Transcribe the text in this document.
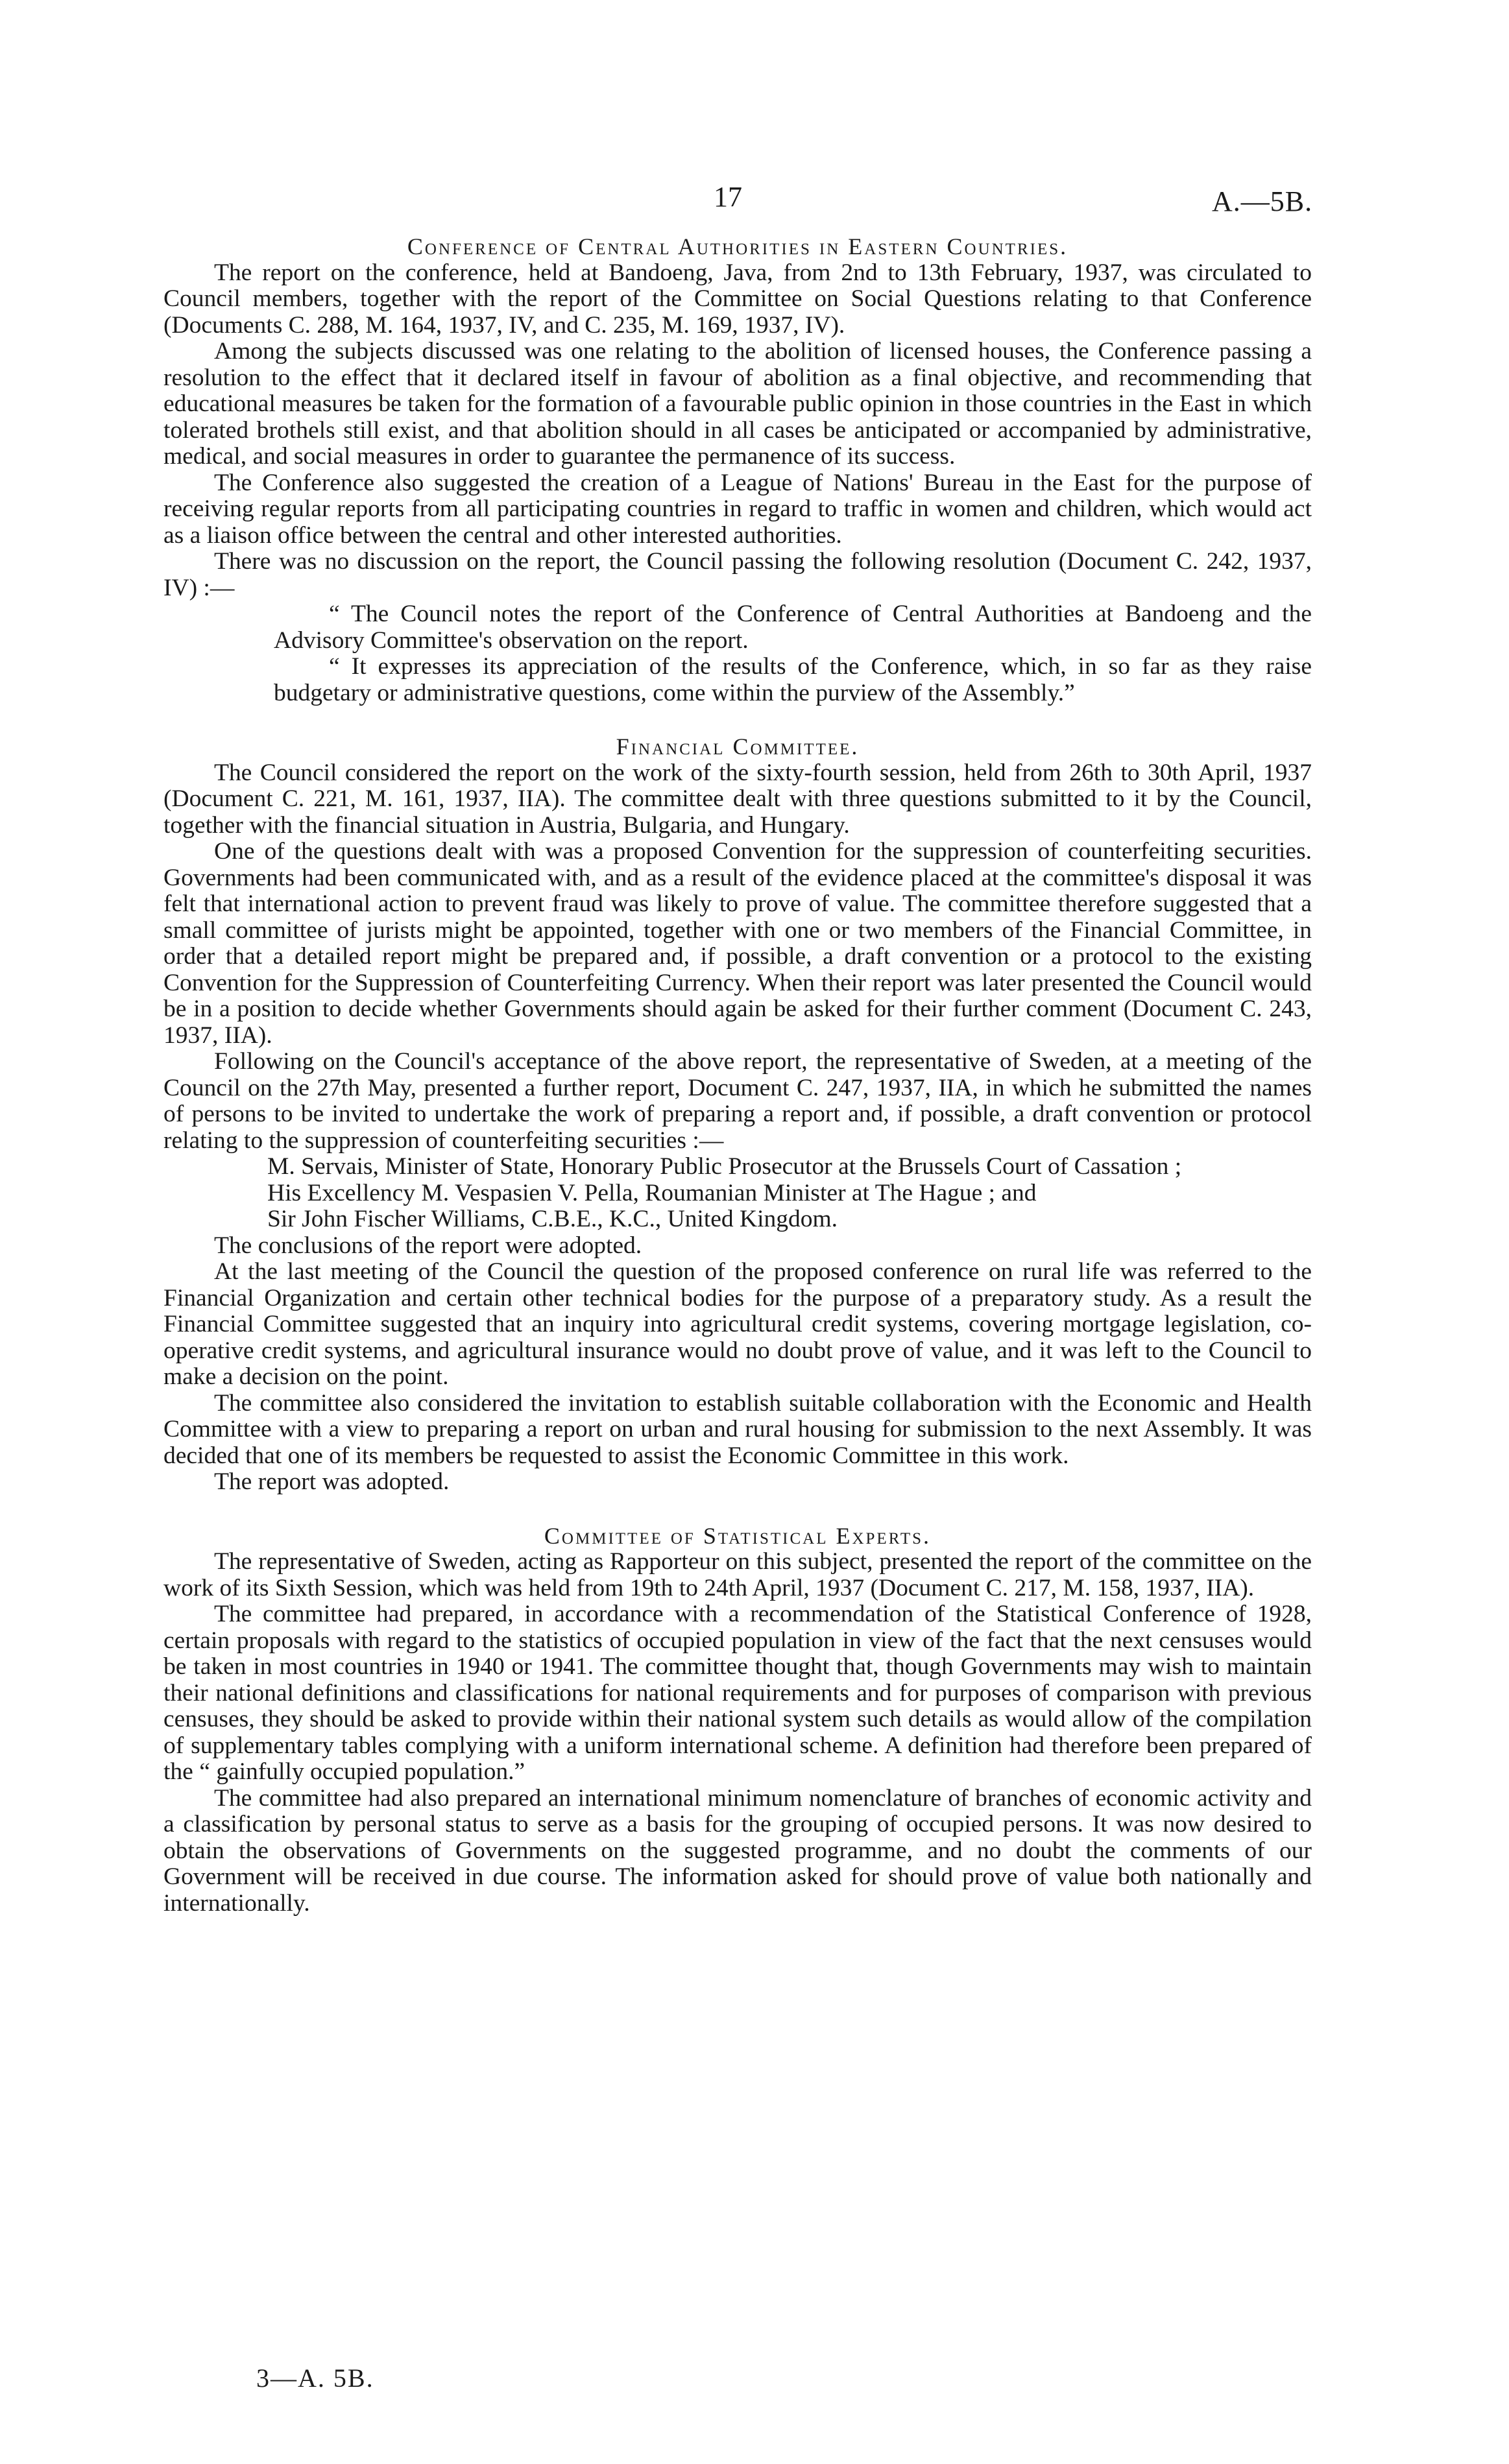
17	A.—5B.
Conference of Central Authorities in Eastern Countries.

The report on the conference, held at Bandoeng, Java, from 2nd to 13th February, 1937, was circulated to Council members, together with the report of the Committee on Social Questions relating to that Conference (Documents C. 288, M. 164, 1937, IV, and C. 235, M. 169, 1937, IV).

Among the subjects discussed was one relating to the abolition of licensed houses, the Conference passing a resolution to the effect that it declared itself in favour of abolition as a final objective, and recommending that educational measures be taken for the formation of a favourable public opinion in those countries in the East in which tolerated brothels still exist, and that abolition should in all cases be anticipated or accompanied by administrative, medical, and social measures in order to guarantee the permanence of its success.

The Conference also suggested the creation of a League of Nations' Bureau in the East for the purpose of receiving regular reports from all participating countries in regard to traffic in women and children, which would act as a liaison office between the central and other interested authorities.

There was no discussion on the report, the Council passing the following resolution (Document C. 242, 1937, IV) :—

“ The Council notes the report of the Conference of Central Authorities at Bandoeng and the Advisory Committee's observation on the report.

“ It expresses its appreciation of the results of the Conference, which, in so far as they raise budgetary or administrative questions, come within the purview of the Assembly.”

Financial Committee.

The Council considered the report on the work of the sixty-fourth session, held from 26th to 30th April, 1937 (Document C. 221, M. 161, 1937, IIA). The committee dealt with three questions submitted to it by the Council, together with the financial situation in Austria, Bulgaria, and Hungary.

One of the questions dealt with was a proposed Convention for the suppression of counterfeiting securities. Governments had been communicated with, and as a result of the evidence placed at the committee's disposal it was felt that international action to prevent fraud was likely to prove of value. The committee therefore suggested that a small committee of jurists might be appointed, together with one or two members of the Financial Committee, in order that a detailed report might be prepared and, if possible, a draft convention or a protocol to the existing Convention for the Suppression of Counterfeiting Currency. When their report was later presented the Council would be in a position to decide whether Governments should again be asked for their further comment (Document C. 243, 1937, IIA).

Following on the Council's acceptance of the above report, the representative of Sweden, at a meeting of the Council on the 27th May, presented a further report, Document C. 247, 1937, IIA, in which he submitted the names of persons to be invited to undertake the work of preparing a report and, if possible, a draft convention or protocol relating to the suppression of counterfeiting securities :—

M. Servais, Minister of State, Honorary Public Prosecutor at the Brussels Court of Cassation ;
His Excellency M. Vespasien V. Pella, Roumanian Minister at The Hague ; and
Sir John Fischer Williams, C.B.E., K.C., United Kingdom.

The conclusions of the report were adopted.

At the last meeting of the Council the question of the proposed conference on rural life was referred to the Financial Organization and certain other technical bodies for the purpose of a preparatory study. As a result the Financial Committee suggested that an inquiry into agricultural credit systems, covering mortgage legislation, co-operative credit systems, and agricultural insurance would no doubt prove of value, and it was left to the Council to make a decision on the point.

The committee also considered the invitation to establish suitable collaboration with the Economic and Health Committee with a view to preparing a report on urban and rural housing for submission to the next Assembly. It was decided that one of its members be requested to assist the Economic Committee in this work.

The report was adopted.

Committee of Statistical Experts.

The representative of Sweden, acting as Rapporteur on this subject, presented the report of the committee on the work of its Sixth Session, which was held from 19th to 24th April, 1937 (Document C. 217, M. 158, 1937, IIA).

The committee had prepared, in accordance with a recommendation of the Statistical Conference of 1928, certain proposals with regard to the statistics of occupied population in view of the fact that the next censuses would be taken in most countries in 1940 or 1941. The committee thought that, though Governments may wish to maintain their national definitions and classifications for national requirements and for purposes of comparison with previous censuses, they should be asked to provide within their national system such details as would allow of the compilation of supplementary tables complying with a uniform international scheme. A definition had therefore been prepared of the “ gainfully occupied population.”

The committee had also prepared an international minimum nomenclature of branches of economic activity and a classification by personal status to serve as a basis for the grouping of occupied persons. It was now desired to obtain the observations of Governments on the suggested programme, and no doubt the comments of our Government will be received in due course. The information asked for should prove of value both nationally and internationally.

3—A. 5B.
